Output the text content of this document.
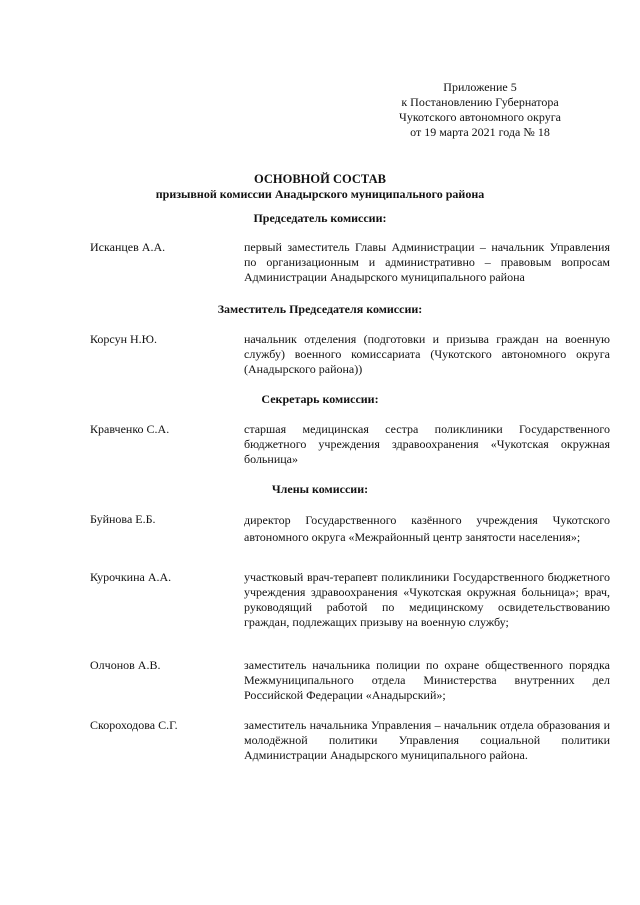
Приложение 5
к Постановлению Губернатора
Чукотского автономного округа
от 19 марта 2021 года № 18
ОСНОВНОЙ СОСТАВ
призывной комиссии Анадырского муниципального района
Председатель комиссии:
Исканцев А.А.	первый заместитель Главы Администрации – начальник Управления по организационным и административно – правовым вопросам Администрации Анадырского муниципального района
Заместитель Председателя комиссии:
Корсун Н.Ю.	начальник отделения (подготовки и призыва граждан на военную службу) военного комиссариата (Чукотского автономного округа (Анадырского района))
Секретарь комиссии:
Кравченко С.А.	старшая медицинская сестра поликлиники Государственного бюджетного учреждения здравоохранения «Чукотская окружная больница»
Члены комиссии:
Буйнова Е.Б.	директор Государственного казённого учреждения Чукотского автономного округа «Межрайонный центр занятости населения»;
Курочкина А.А.	участковый врач-терапевт поликлиники Государственного бюджетного учреждения здравоохранения «Чукотская окружная больница»; врач, руководящий работой по медицинскому освидетельствованию граждан, подлежащих призыву на военную службу;
Олчонов А.В.	заместитель начальника полиции по охране общественного порядка Межмуниципального отдела Министерства внутренних дел Российской Федерации «Анадырский»;
Скороходова С.Г.	заместитель начальника Управления – начальник отдела образования и молодёжной политики Управления социальной политики Администрации Анадырского муниципального района.
